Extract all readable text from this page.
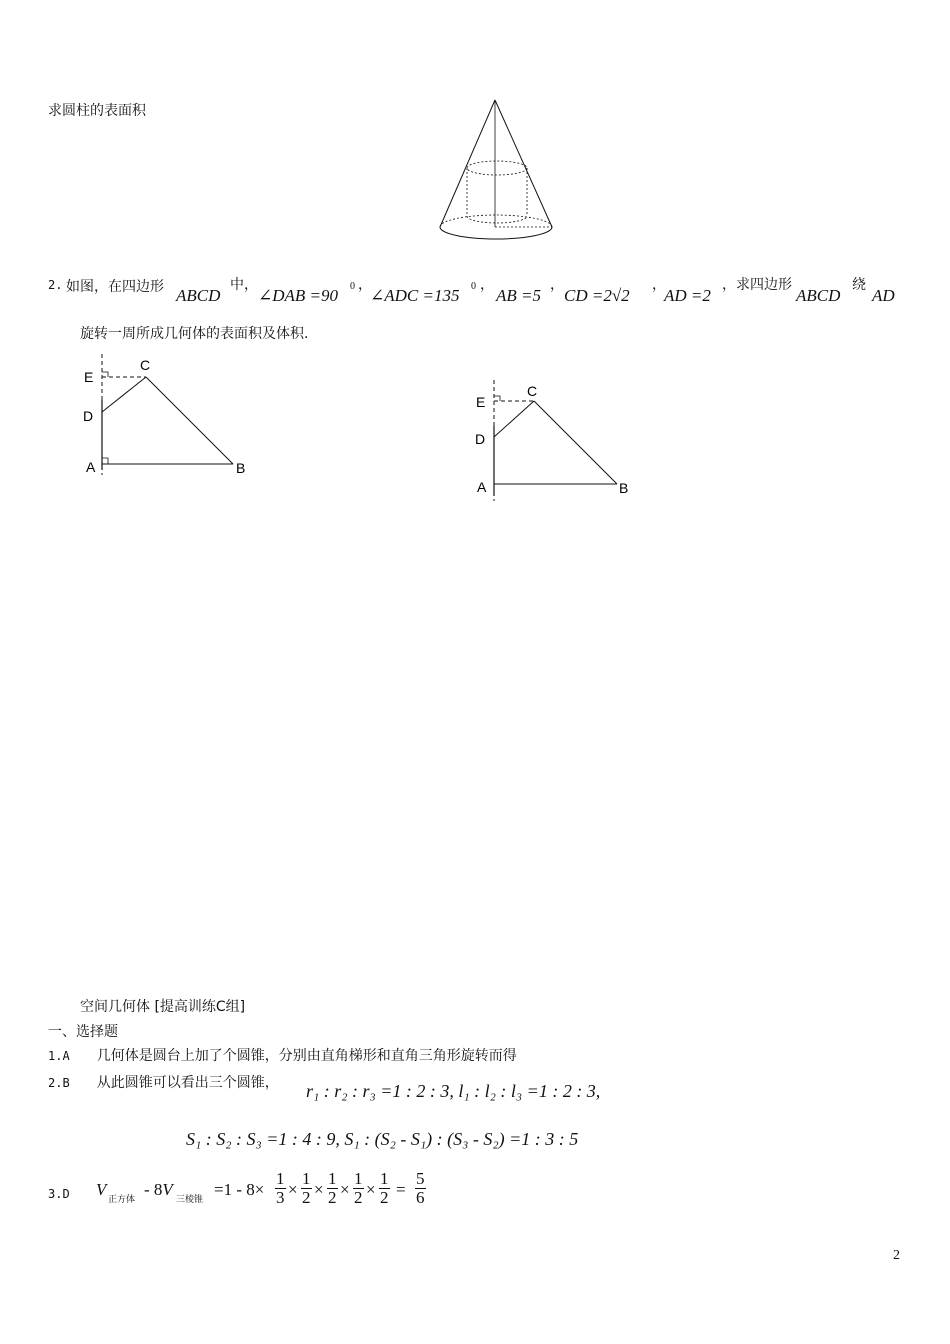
求圆柱的表面积
2. 如图，在四边形 ABCD
中，
∠DAB =90 0 ，
∠ADC =135 0 ，
AB =5
，
CD =2√2
，
AD =2
，求四边形
ABCD
绕
AD
旋转一周所成几何体的表面积及体积.
E
D
C
A	B
E
D
C
A	B
空间几何体 [提高训练C组]
一、选择题
1.A 几何体是圆台上加了个圆锥，分别由直角梯形和直角三角形旋转而得
2.B 从此圆锥可以看出三个圆锥， r₁ : r₂ : r₃ =1 : 2 : 3, l₁ : l₂ : l₃ =1 : 2 : 3,
S₁ : S₂ : S₃ =1 : 4 : 9, S₁ : (S₂ - S₁) : (S₃ - S₂) =1 : 3 : 5
3.D V
正方体
- 8V
三棱锥
$=1 - 8\times \frac{1}{3} \times \frac{1}{2} \times \frac{1}{2} \times \frac{1}{2} \times \frac{1}{2} = \frac{5}{6}$
2
